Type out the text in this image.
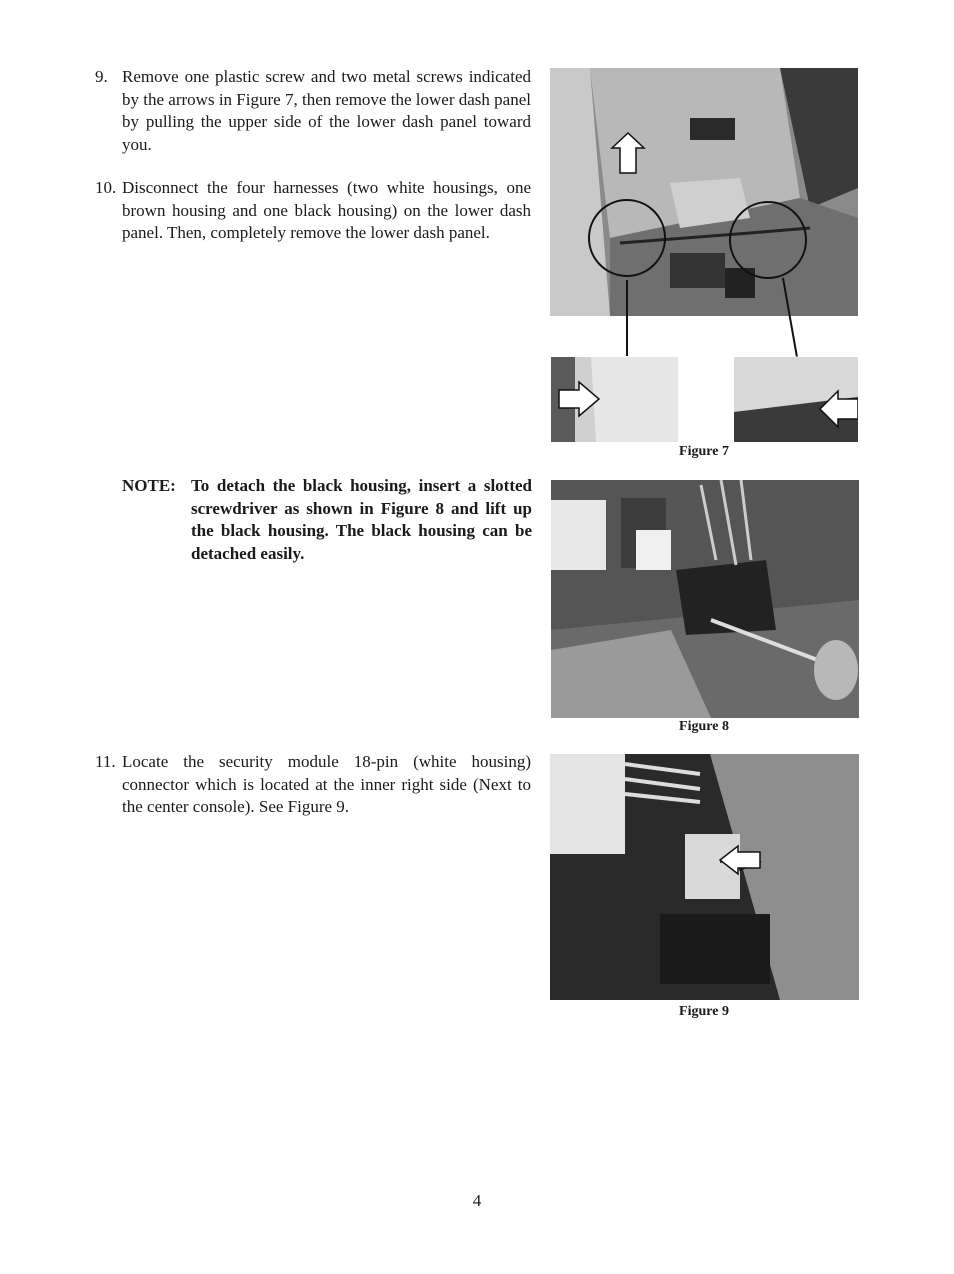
9. Remove one plastic screw and two metal screws indicated by the arrows in Figure 7, then remove the lower dash panel by pulling the upper side of the lower dash panel toward you.
10. Disconnect the four harnesses (two white housings, one brown housing and one black housing) on the lower dash panel. Then, completely remove the lower dash panel.
NOTE: To detach the black housing, insert a slotted screwdriver as shown in Figure 8 and lift up the black housing. The black housing can be detached easily.
11. Locate the security module 18-pin (white housing) connector which is located at the inner right side (Next to the center console). See Figure 9.
Figure 7
Figure 8
Figure 9
4
